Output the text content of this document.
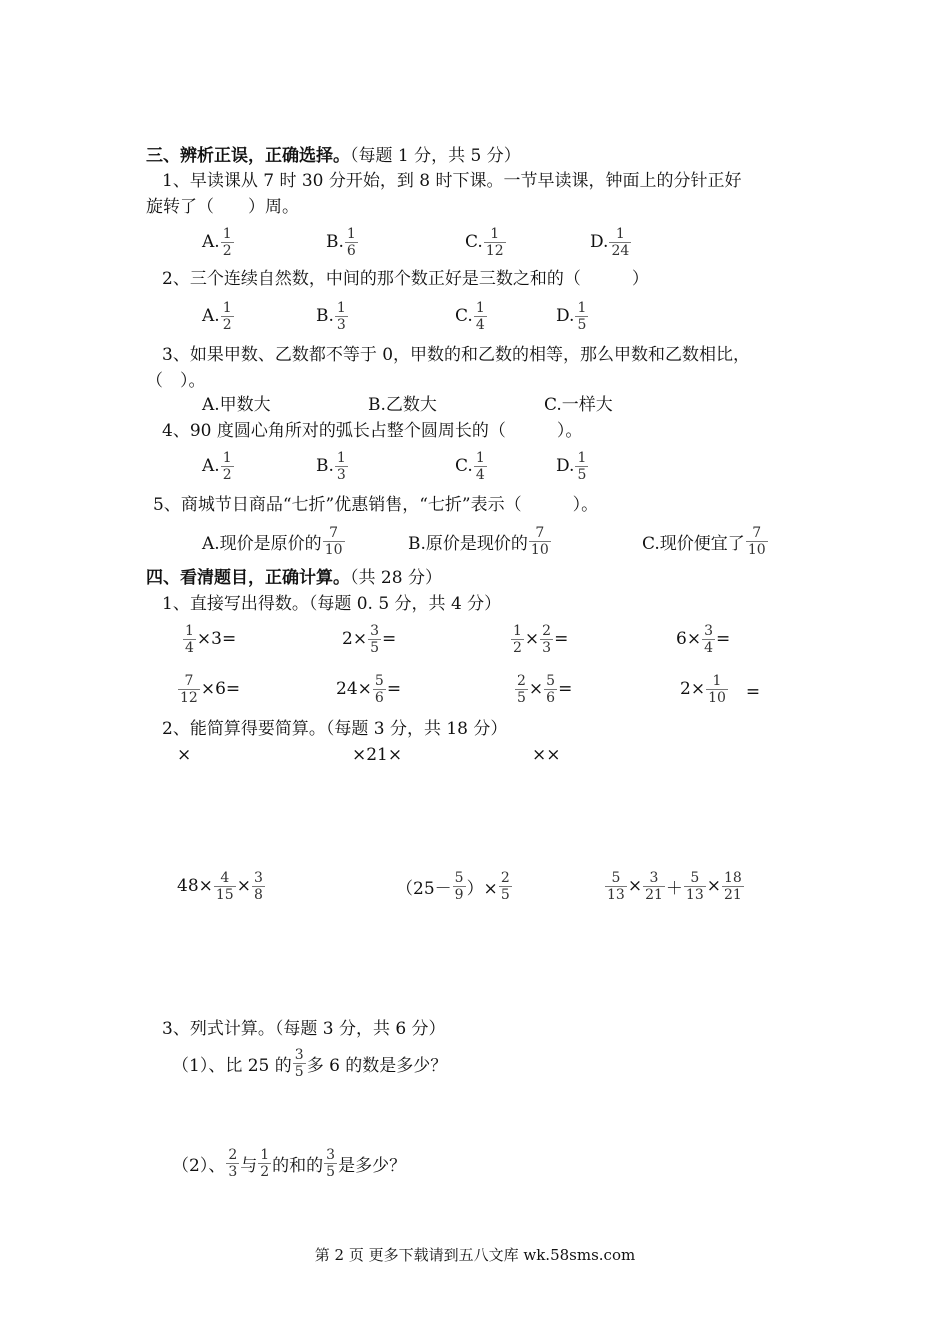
三、辨析正误，正确选择。（每题 1 分，共 5 分）
1、早读课从 7 时 30 分开始，到 8 时下课。一节早读课，钟面上的分针正好
旋转了（　　）周。
A. $\frac{1}{2}$	B. $\frac{1}{6}$	C. $\frac{1}{12}$	D. $\frac{1}{24}$
2、三个连续自然数，中间的那个数正好是三数之和的（　　　）
A. $\frac{1}{2}$	B. $\frac{1}{3}$	C. $\frac{1}{4}$	D. $\frac{1}{5}$
3、如果甲数、乙数都不等于 0，甲数的和乙数的相等，那么甲数和乙数相比，
（　）。
A.甲数大	B.乙数大	C.一样大
4、90 度圆心角所对的弧长占整个圆周长的（　　　）。
A. $\frac{1}{2}$	B. $\frac{1}{3}$	C. $\frac{1}{4}$	D. $\frac{1}{5}$
5、商城节日商品“七折”优惠销售，“七折”表示（　　　）。
A.现价是原价的 $\frac{7}{10}$	B.原价是现价的 $\frac{7}{10}$	C.现价便宜了 $\frac{7}{10}$
四、看清题目，正确计算。（共 28 分）
1、直接写出得数。（每题 0. 5 分，共 4 分）
$\frac{1}{4} \times 3=$	$2\times \frac{3}{5}$ =	$\frac{1}{2} \times \frac{2}{3}$ =	$6\times \frac{3}{4}$ =
$\frac{7}{12} \times 6=$	$24\times \frac{5}{6}$ =	$\frac{2}{5} \times \frac{5}{6}$ =	$2\times \frac{1}{10}$ 　=
2、能简算得要简算。（每题 3 分，共 18 分）
×	×21×	××
$48\times \frac{4}{15} \times \frac{3}{8}$	（$25- \frac{5}{9}$ ）× $\frac{2}{5}$	$\frac{5}{13} \times \frac{3}{21} + \frac{5}{13} \times \frac{18}{21}$
3、列式计算。（每题 3 分，共 6 分）
（1）、比 25 的 $\frac{3}{5}$ 多 6 的数是多少？
（2）、 $\frac{2}{3}$ 与 $\frac{1}{2}$ 的和的 $\frac{3}{5}$ 是多少？
第 2 页 更多下载请到五八文库 wk.58sms.com
